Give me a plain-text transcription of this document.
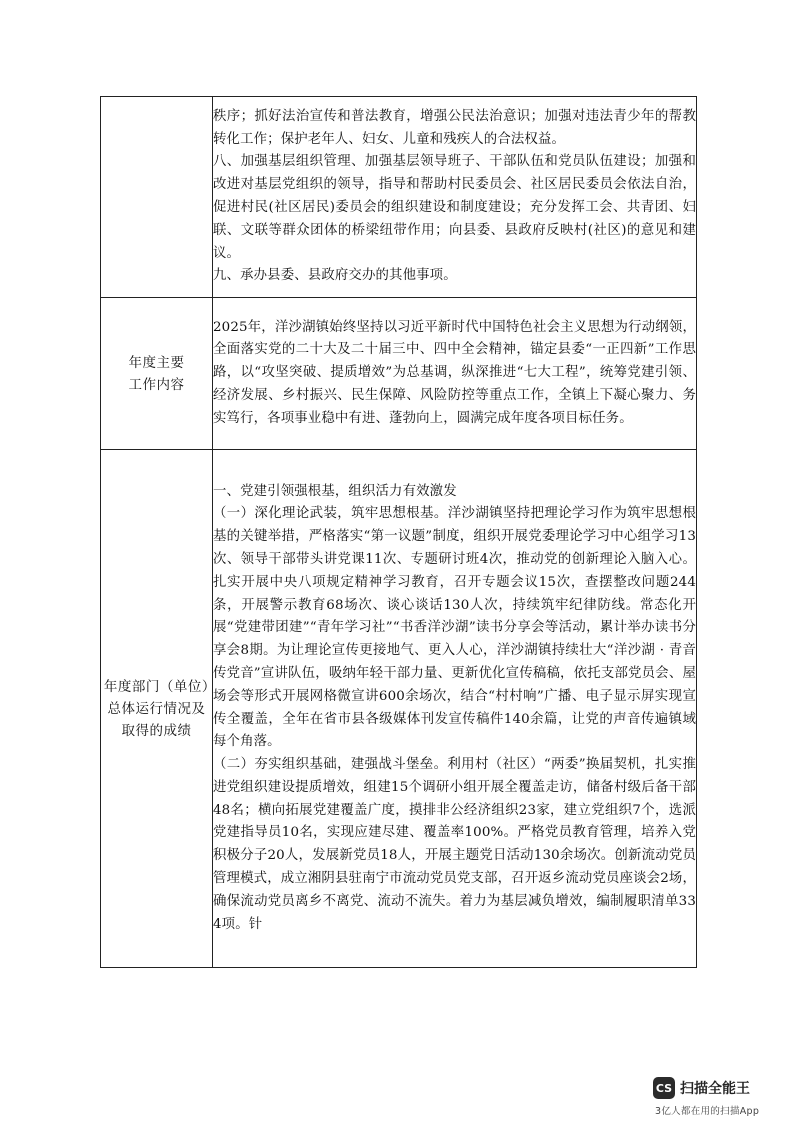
	秩序；抓好法治宣传和普法教育，增强公民法治意识；加强对违法青少年的帮教转化工作；保护老年人、妇女、儿童和残疾人的合法权益。

八、加强基层组织管理、加强基层领导班子、干部队伍和党员队伍建设；加强和改进对基层党组织的领导，指导和帮助村民委员会、社区居民委员会依法自治，促进村民(社区居民)委员会的组织建设和制度建设；充分发挥工会、共青团、妇联、文联等群众团体的桥梁纽带作用；向县委、县政府反映村(社区)的意见和建议。

九、承办县委、县政府交办的其他事项。

年度主要工作内容	2025年，洋沙湖镇始终坚持以习近平新时代中国特色社会主义思想为行动纲领，全面落实党的二十大及二十届三中、四中全会精神，锚定县委“一正四新”工作思路，以“攻坚突破、提质增效”为总基调，纵深推进“七大工程”，统筹党建引领、经济发展、乡村振兴、民生保障、风险防控等重点工作，全镇上下凝心聚力、务实笃行，各项事业稳中有进、蓬勃向上，圆满完成年度各项目标任务。

年度部门（单位）总体运行情况及取得的成绩	一、党建引领强根基，组织活力有效激发

（一）深化理论武装，筑牢思想根基。洋沙湖镇坚持把理论学习作为筑牢思想根基的关键举措，严格落实“第一议题”制度，组织开展党委理论学习中心组学习13次、领导干部带头讲党课11次、专题研讨班4次，推动党的创新理论入脑入心。扎实开展中央八项规定精神学习教育，召开专题会议15次，查摆整改问题244条，开展警示教育68场次、谈心谈话130人次，持续筑牢纪律防线。常态化开展“党建带团建”“青年学习社”“书香洋沙湖”读书分享会等活动，累计举办读书分享会8期。为让理论宣传更接地气、更入人心，洋沙湖镇持续壮大“洋沙湖 · 青音传党音”宣讲队伍，吸纳年轻干部力量、更新优化宣传稿稿，依托支部党员会、屋场会等形式开展网格微宣讲600余场次，结合“村村响”广播、电子显示屏实现宣传全覆盖，全年在省市县各级媒体刊发宣传稿件140余篇，让党的声音传遍镇域每个角落。

（二）夯实组织基础，建强战斗堡垒。利用村（社区）“两委”换届契机，扎实推进党组织建设提质增效，组建15个调研小组开展全覆盖走访，储备村级后备干部48名；横向拓展党建覆盖广度，摸排非公经济组织23家，建立党组织7个，选派党建指导员10名，实现应建尽建、覆盖率100%。严格党员教育管理，培养入党积极分子20人，发展新党员18人，开展主题党日活动130余场次。创新流动党员管理模式，成立湘阴县驻南宁市流动党员党支部，召开返乡流动党员座谈会2场，确保流动党员离乡不离党、流动不流失。着力为基层减负增效，编制履职清单334项。针

CS 扫描全能王
3亿人都在用的扫描App
